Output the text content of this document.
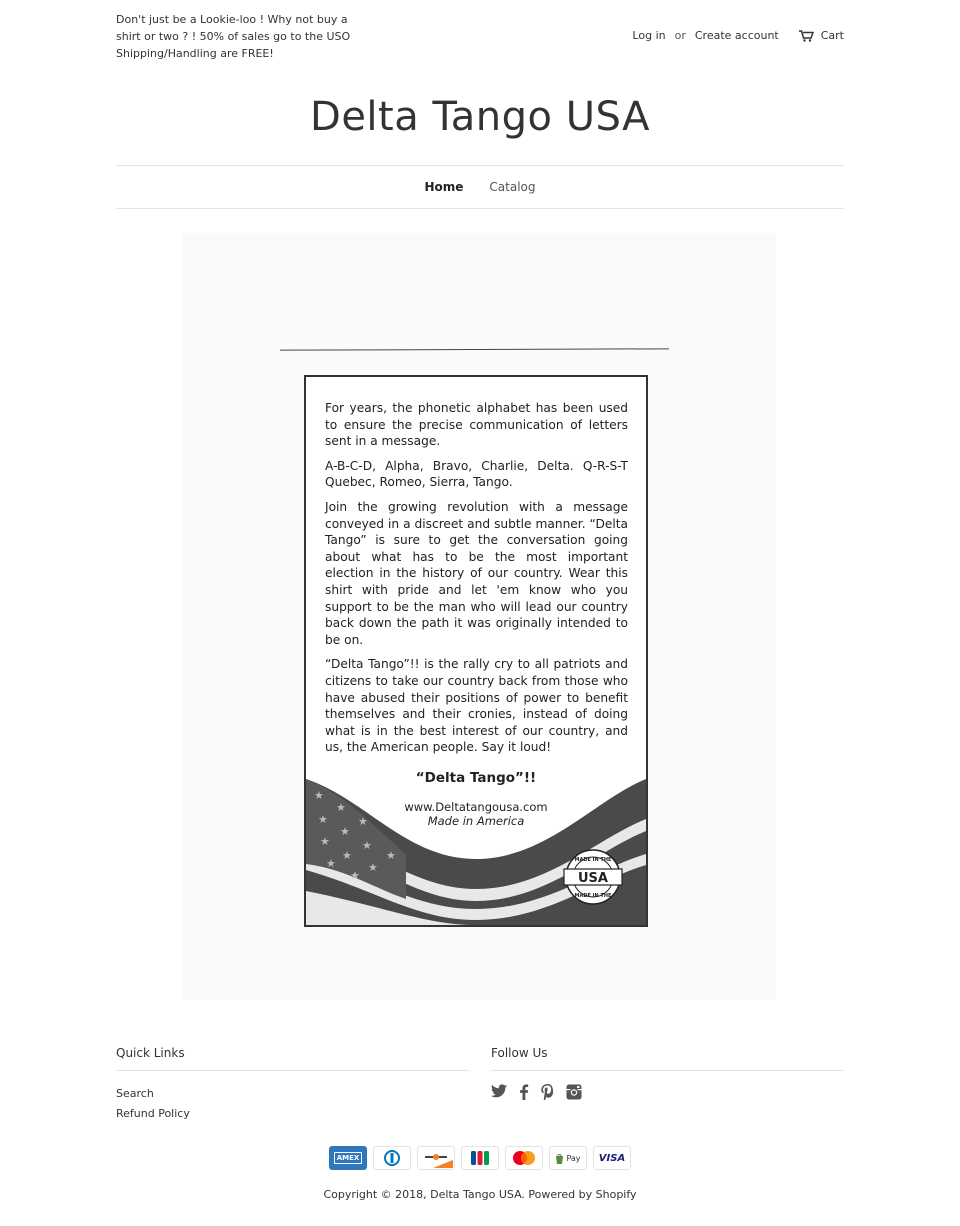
Don't just be a Lookie-loo ! Why not buy a shirt or two ? ! 50% of sales go to the USO Shipping/Handling are FREE!
Log in or Create account	Cart
Delta Tango USA
Home Catalog

For years, the phonetic alphabet has been used to ensure the precise communication of letters sent in a message.

A-B-C-D, Alpha, Bravo, Charlie, Delta. Q-R-S-T Quebec, Romeo, Sierra, Tango.

Join the growing revolution with a message conveyed in a discreet and subtle manner. “Delta Tango” is sure to get the conversation going about what has to be the most important election in the history of our country. Wear this shirt with pride and let 'em know who you support to be the man who will lead our country back down the path it was originally intended to be on.

“Delta Tango”!! is the rally cry to all patriots and citizens to take our country back from those who have abused their positions of power to benefit themselves and their cronies, instead of doing what is in the best interest of our country, and us, the American people. Say it loud!

“Delta Tango”!!
www.Deltatangousa.com
Made in America
★
★
★
★
★
★
★
★
★
★
★
★	USA
MADE IN THE
MADE IN THE
Quick Links
Search
Refund Policy
Follow Us
AMEX	Pay VISA
Copyright © 2018, Delta Tango USA. Powered by Shopify
